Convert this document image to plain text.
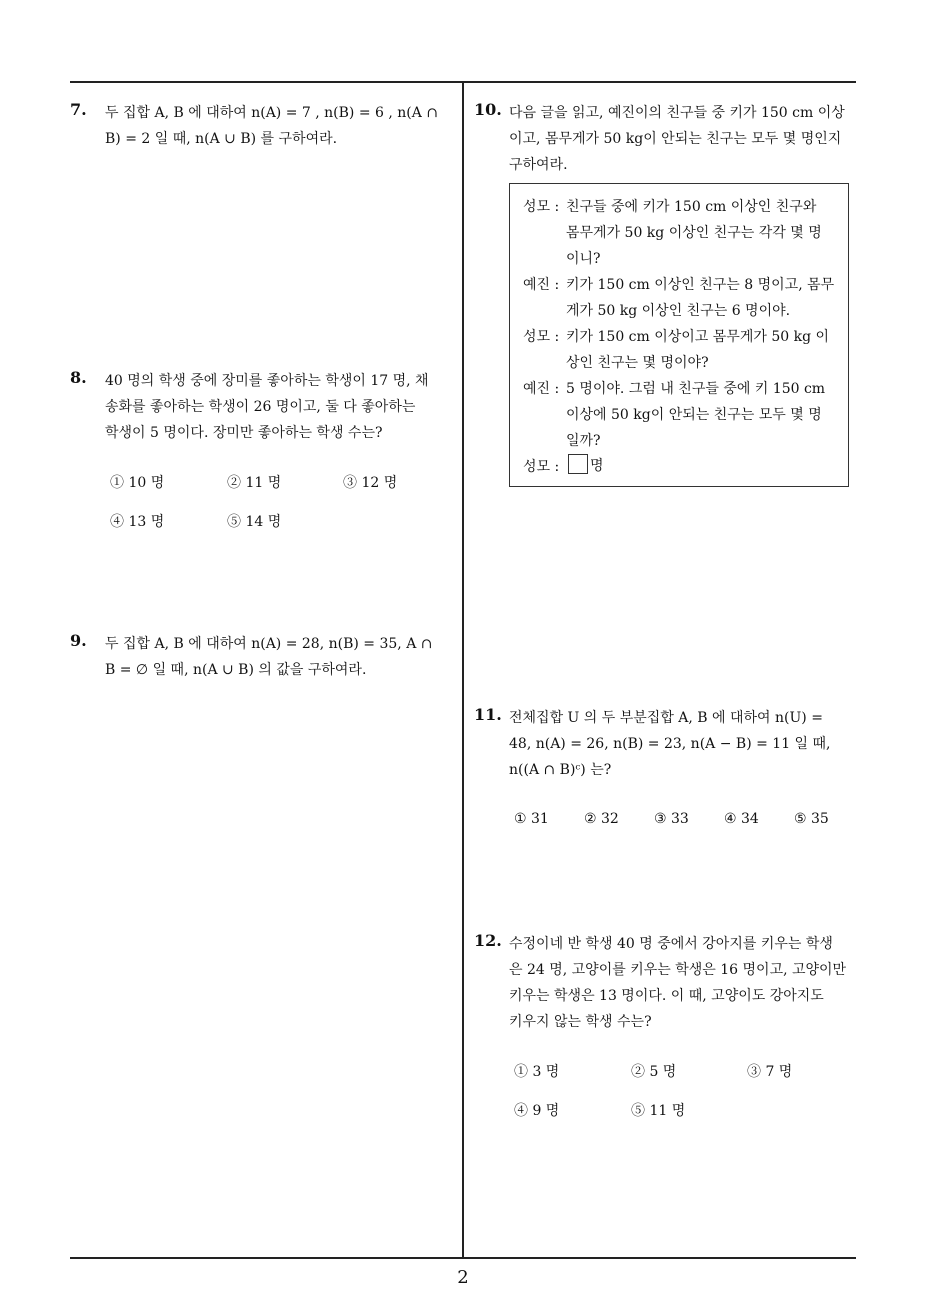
7. 두 집합 A, B 에 대하여 n(A) = 7 , n(B) = 6 , n(A ∩
B) = 2 일 때, n(A ∪ B) 를 구하여라.
8. 40 명의 학생 중에 장미를 좋아하는 학생이 17 명, 채
송화를 좋아하는 학생이 26 명이고, 둘 다 좋아하는
학생이 5 명이다. 장미만 좋아하는 학생 수는?
① 10 명	② 11 명	③ 12 명
④ 13 명	⑤ 14 명
9. 두 집합 A, B 에 대하여 n(A) = 28, n(B) = 35, A ∩
B = ∅ 일 때, n(A ∪ B) 의 값을 구하여라.
10. 다음 글을 읽고, 예진이의 친구들 중 키가 150 cm 이상
이고, 몸무게가 50 kg이 안되는 친구는 모두 몇 명인지
구하여라.
성모 : 친구들 중에 키가 150 cm 이상인 친구와
몸무게가 50 kg 이상인 친구는 각각 몇 명
이니?
예진 : 키가 150 cm 이상인 친구는 8 명이고, 몸무
게가 50 kg 이상인 친구는 6 명이야.
성모 : 키가 150 cm 이상이고 몸무게가 50 kg 이
상인 친구는 몇 명이야?
예진 : 5 명이야. 그럼 내 친구들 중에 키 150 cm
이상에 50 kg이 안되는 친구는 모두 몇 명
일까?
성모 :	명
11. 전체집합 U 의 두 부분집합 A, B 에 대하여 n(U) =
48, n(A) = 26, n(B) = 23, n(A − B) = 11 일 때,
n((A ∩ B)ᶜ) 는?
① 31	② 32	③ 33	④ 34	⑤ 35
12. 수정이네 반 학생 40 명 중에서 강아지를 키우는 학생
은 24 명, 고양이를 키우는 학생은 16 명이고, 고양이만
키우는 학생은 13 명이다. 이 때, 고양이도 강아지도
키우지 않는 학생 수는?
① 3 명	② 5 명	③ 7 명
④ 9 명	⑤ 11 명
2
